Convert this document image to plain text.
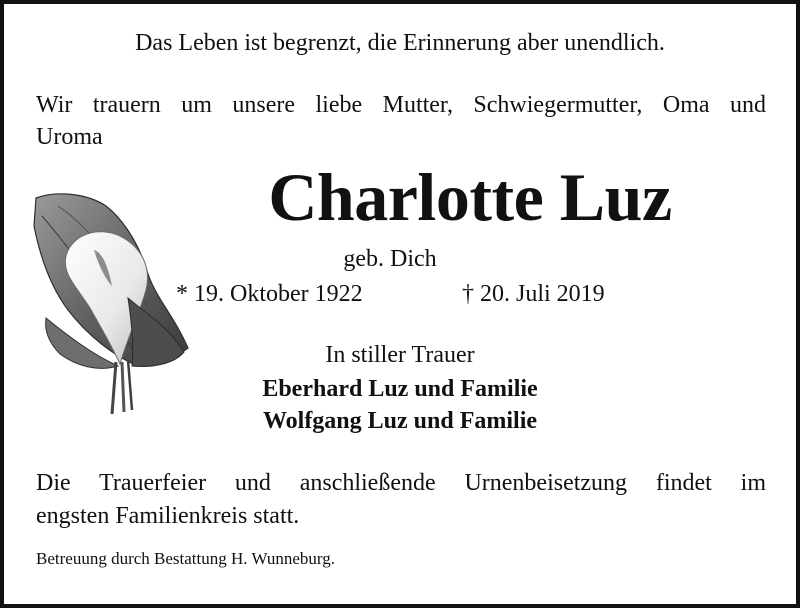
Das Leben ist begrenzt, die Erinnerung aber unendlich.
Wir trauern um unsere liebe Mutter, Schwiegermutter, Oma und
Uroma
Charlotte Luz
geb. Dich
* 19. Oktober 1922	† 20. Juli 2019
In stiller Trauer
Eberhard Luz und Familie
Wolfgang Luz und Familie
Die Trauerfeier und anschließende Urnenbeisetzung findet im
engsten Familienkreis statt.
Betreuung durch Bestattung H. Wunneburg.
